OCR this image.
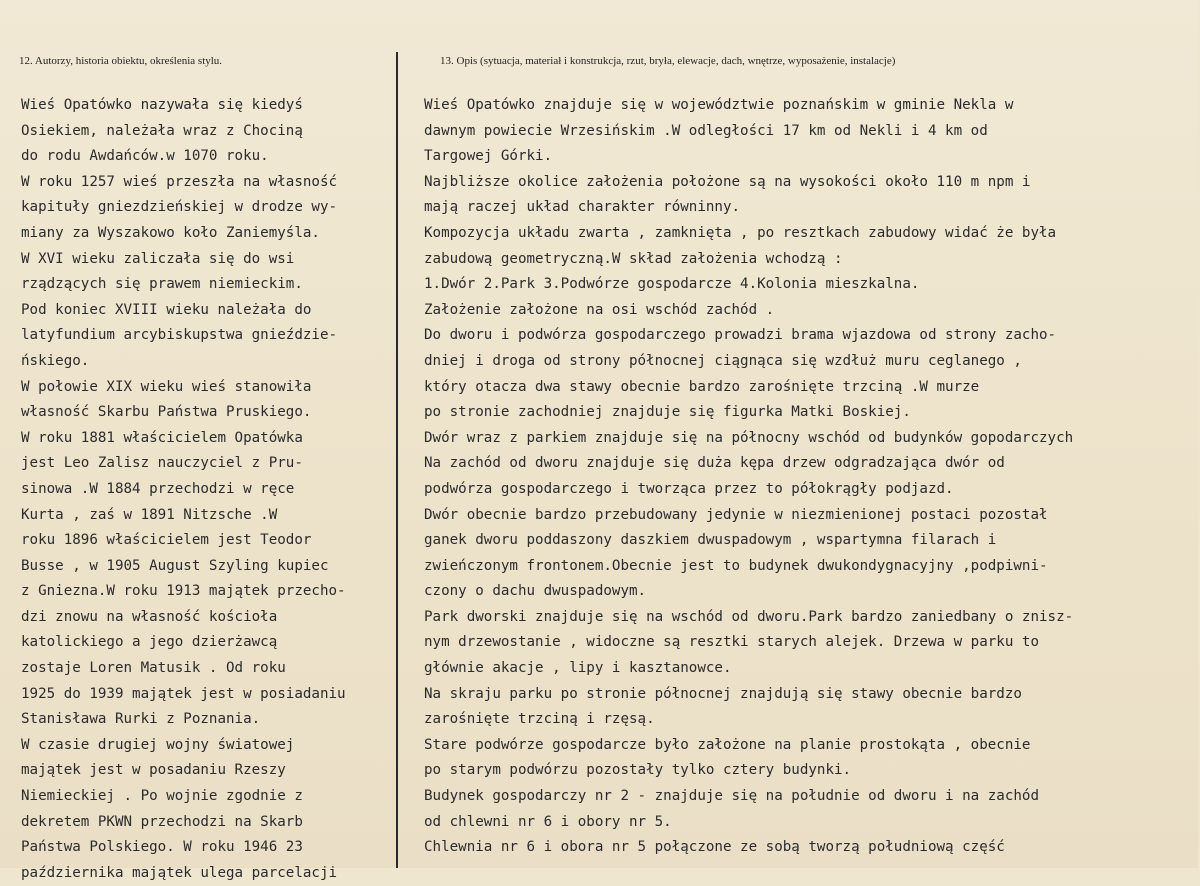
12. Autorzy, historia obiektu, określenia stylu.	13. Opis (sytuacja, materiał i konstrukcja, rzut, bryła, elewacje, dach, wnętrze, wyposażenie, instalacje)
Wieś Opatówko nazywała się kiedyś
Osiekiem, należała wraz z Chociną
do rodu Awdańców.w 1070 roku.
W roku 1257 wieś przeszła na własność
kapituły gniezdzieńskiej w drodze wy-
miany za Wyszakowo koło Zaniemyśla.
W XVI wieku zaliczała się do wsi
rządzących się prawem niemieckim.
Pod koniec XVIII wieku należała do
latyfundium arcybiskupstwa gnieździe-
ńskiego.
W połowie XIX wieku wieś stanowiła
własność Skarbu Państwa Pruskiego.
W roku 1881 właścicielem Opatówka
jest Leo Zalisz nauczyciel z Pru-
sinowa .W 1884 przechodzi w ręce
Kurta , zaś w 1891 Nitzsche .W
roku 1896 właścicielem jest Teodor
Busse , w 1905 August Szyling kupiec
z Gniezna.W roku 1913 majątek przecho-
dzi znowu na własność kościoła
katolickiego a jego dzierżawcą
zostaje Loren Matusik . Od roku
1925 do 1939 majątek jest w posiadaniu
Stanisława Rurki z Poznania.
W czasie drugiej wojny światowej
majątek jest w posadaniu Rzeszy
Niemieckiej . Po wojnie zgodnie z
dekretem PKWN przechodzi na Skarb
Państwa Polskiego. W roku 1946 23
października majątek ulega parcelacji
Wieś Opatówko znajduje się w województwie poznańskim w gminie Nekla w
dawnym powiecie Wrzesińskim .W odległości 17 km od Nekli i 4 km od
Targowej Górki.
Najbliższe okolice założenia położone są na wysokości około 110 m npm i
mają raczej układ charakter równinny.
Kompozycja układu zwarta , zamknięta , po resztkach zabudowy widać że była
zabudową geometryczną.W skład założenia wchodzą :
1.Dwór 2.Park 3.Podwórze gospodarcze 4.Kolonia mieszkalna.
Założenie założone na osi wschód zachód .
Do dworu i podwórza gospodarczego prowadzi brama wjazdowa od strony zacho-
dniej i droga od strony północnej ciągnąca się wzdłuż muru ceglanego ,
który otacza dwa stawy obecnie bardzo zarośnięte trzciną .W murze
po stronie zachodniej znajduje się figurka Matki Boskiej.
Dwór wraz z parkiem znajduje się na północny wschód od budynków gopodarczych
Na zachód od dworu znajduje się duża kępa drzew odgradzająca dwór od
podwórza gospodarczego i tworząca przez to półokrągły podjazd.
Dwór obecnie bardzo przebudowany jedynie w niezmienionej postaci pozostał
ganek dworu poddaszony daszkiem dwuspadowym , wspartymna filarach i
zwieńczonym frontonem.Obecnie jest to budynek dwukondygnacyjny ,podpiwni-
czony o dachu dwuspadowym.
Park dworski znajduje się na wschód od dworu.Park bardzo zaniedbany o znisz-
nym drzewostanie , widoczne są resztki starych alejek. Drzewa w parku to
głównie akacje , lipy i kasztanowce.
Na skraju parku po stronie północnej znajdują się stawy obecnie bardzo
zarośnięte trzciną i rzęsą.
Stare podwórze gospodarcze było założone na planie prostokąta , obecnie
po starym podwórzu pozostały tylko cztery budynki.
Budynek gospodarczy nr 2 - znajduje się na południe od dworu i na zachód
od chlewni nr 6 i obory nr 5.
Chlewnia nr 6 i obora nr 5 połączone ze sobą tworzą południową część
